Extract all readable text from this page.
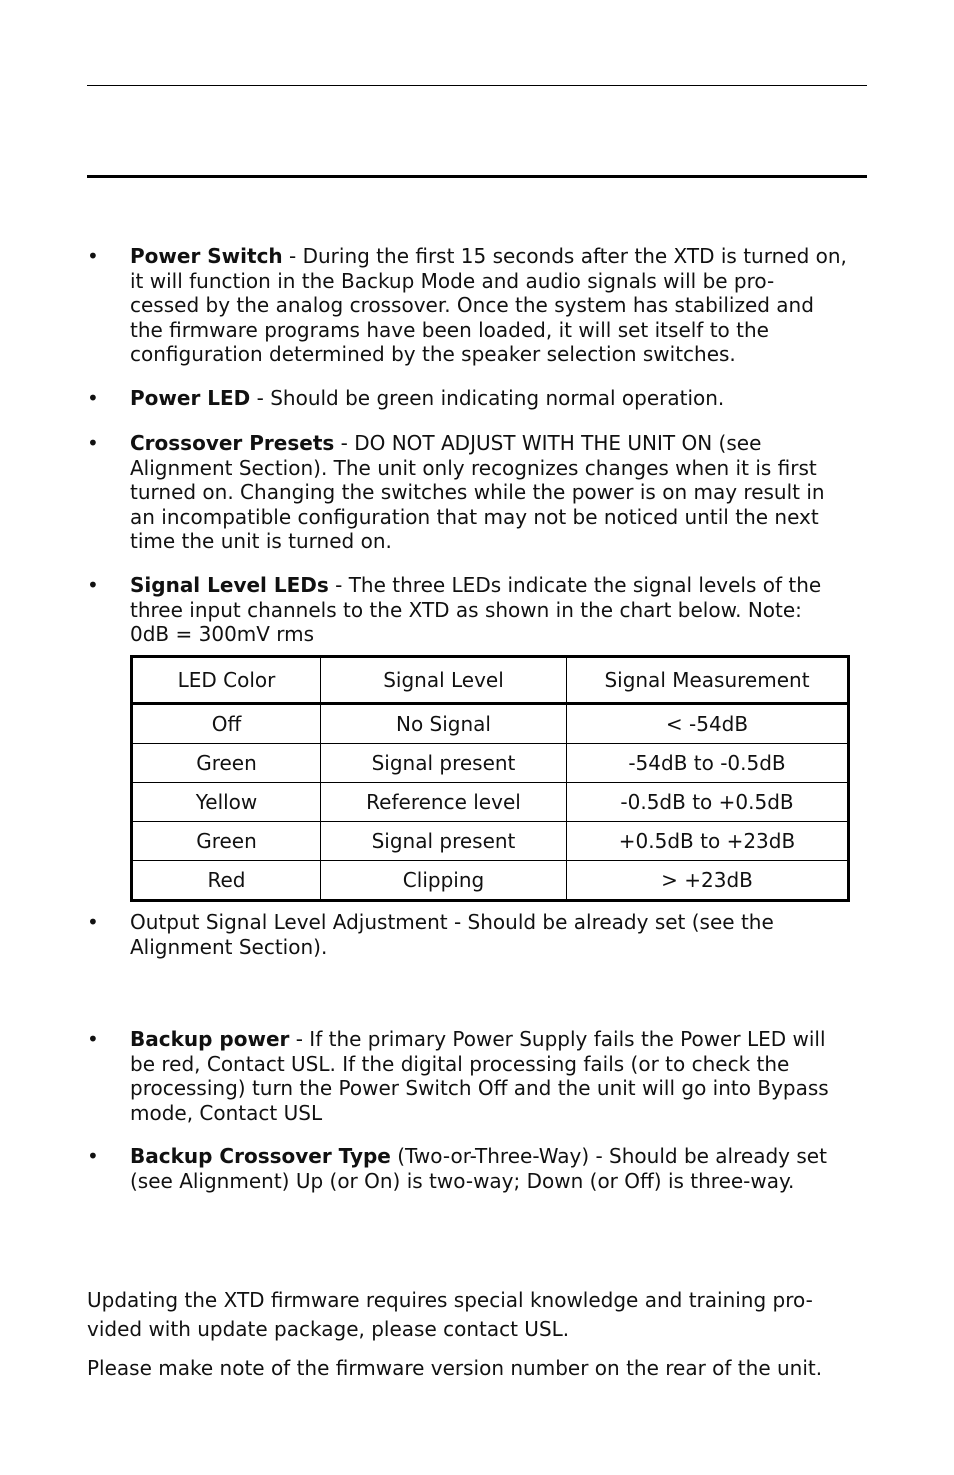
• Power Switch - During the first 15 seconds after the XTD is turned on,
it will function in the Backup Mode and audio signals will be pro-
cessed by the analog crossover. Once the system has stabilized and
the firmware programs have been loaded, it will set itself to the
configuration determined by the speaker selection switches.
• Power LED - Should be green indicating normal operation.
• Crossover Presets - DO NOT ADJUST WITH THE UNIT ON (see
Alignment Section). The unit only recognizes changes when it is first
turned on. Changing the switches while the power is on may result in
an incompatible configuration that may not be noticed until the next
time the unit is turned on.
• Signal Level LEDs - The three LEDs indicate the signal levels of the
three input channels to the XTD as shown in the chart below. Note:
0dB = 300mV rms
LED Color	Signal Level	Signal Measurement
Off	No Signal	< -54dB
Green	Signal present	-54dB to -0.5dB
Yellow	Reference level	-0.5dB to +0.5dB
Green	Signal present	+0.5dB to +23dB
Red	Clipping	> +23dB
• Output Signal Level Adjustment - Should be already set (see the
Alignment Section).
• Backup power - If the primary Power Supply fails the Power LED will
be red, Contact USL. If the digital processing fails (or to check the
processing) turn the Power Switch Off and the unit will go into Bypass
mode, Contact USL
• Backup Crossover Type (Two-or-Three-Way) - Should be already set
(see Alignment) Up (or On) is two-way; Down (or Off) is three-way.
Updating the XTD firmware requires special knowledge and training pro-
vided with update package, please contact USL.
Please make note of the firmware version number on the rear of the unit.
